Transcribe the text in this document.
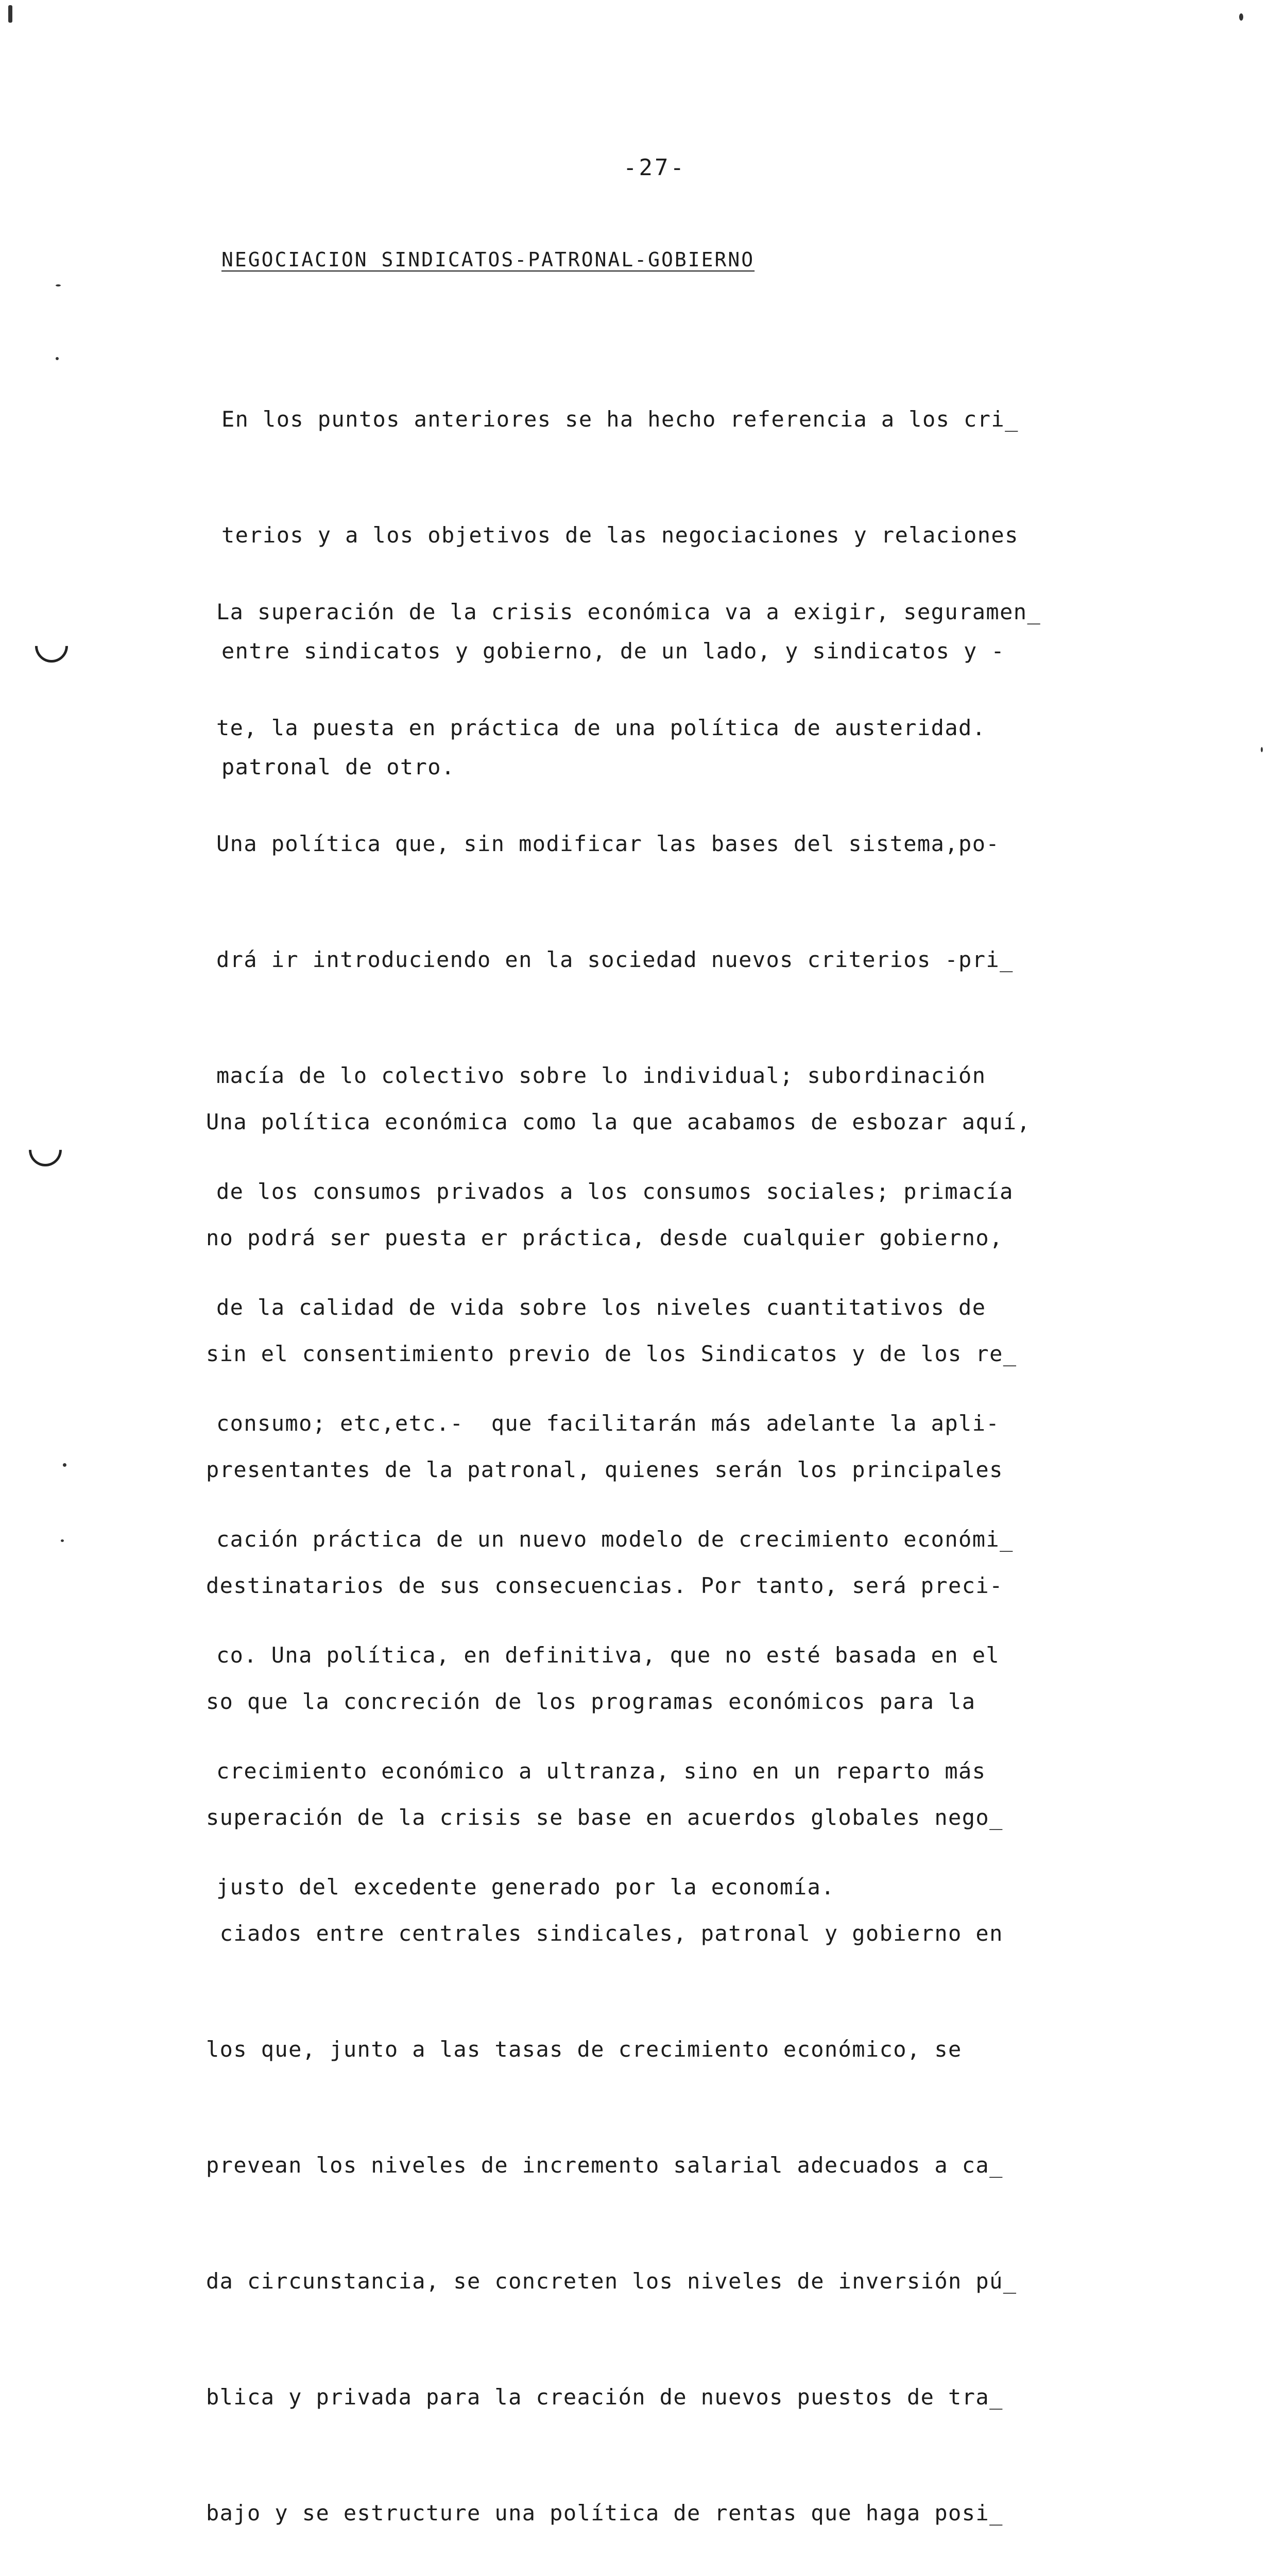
-27-
NEGOCIACION SINDICATOS-PATRONAL-GOBIERNO

En los puntos anteriores se ha hecho referencia a los cri_

terios y a los objetivos de las negociaciones y relaciones

entre sindicatos y gobierno, de un lado, y sindicatos y -

patronal de otro.

La superación de la crisis económica va a exigir, seguramen_

te, la puesta en práctica de una política de austeridad.

Una política que, sin modificar las bases del sistema,po-

drá ir introduciendo en la sociedad nuevos criterios -pri_

macía de lo colectivo sobre lo individual; subordinación

de los consumos privados a los consumos sociales; primacía

de la calidad de vida sobre los niveles cuantitativos de

consumo; etc,etc.-  que facilitarán más adelante la apli-

cación práctica de un nuevo modelo de crecimiento económi_

co. Una política, en definitiva, que no esté basada en el

crecimiento económico a ultranza, sino en un reparto más

justo del excedente generado por la economía.

Una política económica como la que acabamos de esbozar aquí,

no podrá ser puesta er práctica, desde cualquier gobierno,

sin el consentimiento previo de los Sindicatos y de los re_

presentantes de la patronal, quienes serán los principales

destinatarios de sus consecuencias. Por tanto, será preci-

so que la concreción de los programas económicos para la

superación de la crisis se base en acuerdos globales nego_

ciados entre centrales sindicales, patronal y gobierno en

los que, junto a las tasas de crecimiento económico, se

prevean los niveles de incremento salarial adecuados a ca_

da circunstancia, se concreten los niveles de inversión pú_

blica y privada para la creación de nuevos puestos de tra_

bajo y se estructure una política de rentas que haga posi_
